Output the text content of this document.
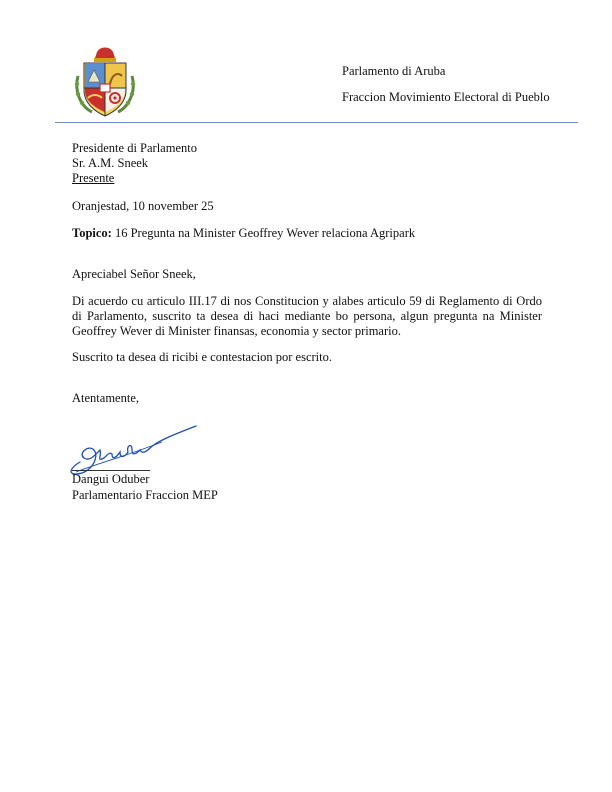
Parlamento di Aruba
Fraccion Movimiento Electoral di Pueblo
Presidente di Parlamento
Sr. A.M. Sneek
Presente
Oranjestad, 10 november 25
Topico: 16 Pregunta na Minister Geoffrey Wever relaciona Agripark
Apreciabel Señor Sneek,
Di acuerdo cu articulo III.17 di nos Constitucion y alabes articulo 59 di Reglamento di Ordo di Parlamento, suscrito ta desea di haci mediante bo persona, algun pregunta na Minister Geoffrey Wever di Minister finansas, economia y sector primario.
Suscrito ta desea di ricibi e contestacion por escrito.
Atentamente,
Dangui Oduber
Parlamentario Fraccion MEP
